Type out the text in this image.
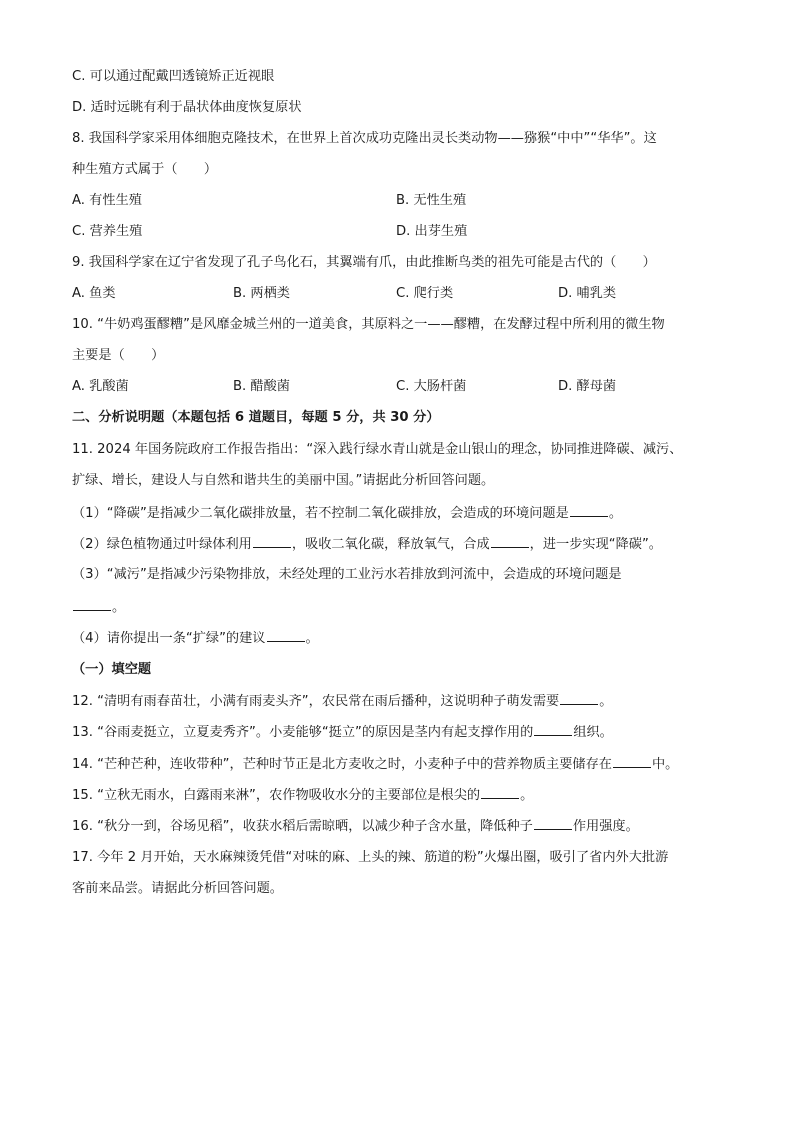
C. 可以通过配戴凹透镜矫正近视眼
D. 适时远眺有利于晶状体曲度恢复原状
8. 我国科学家采用体细胞克隆技术，在世界上首次成功克隆出灵长类动物——猕猴“中中”“华华”。这
种生殖方式属于（　　）
A. 有性生殖	B. 无性生殖
C. 营养生殖	D. 出芽生殖
9. 我国科学家在辽宁省发现了孔子鸟化石，其翼端有爪，由此推断鸟类的祖先可能是古代的（　　）
A. 鱼类	B. 两栖类	C. 爬行类	D. 哺乳类
10. “牛奶鸡蛋醪糟”是风靡金城兰州的一道美食，其原料之一——醪糟，在发酵过程中所利用的微生物
主要是（　　）
A. 乳酸菌	B. 醋酸菌	C. 大肠杆菌	D. 酵母菌
二、分析说明题（本题包括 6 道题目，每题 5 分，共 30 分）
11. 2024 年国务院政府工作报告指出：“深入践行绿水青山就是金山银山的理念，协同推进降碳、减污、
扩绿、增长，建设人与自然和谐共生的美丽中国。”请据此分析回答问题。
（1）“降碳”是指减少二氧化碳排放量，若不控制二氧化碳排放，会造成的环境问题是	。
（2）绿色植物通过叶绿体利用	，吸收二氧化碳，释放氧气，合成	，进一步实现“降碳”。
（3）“减污”是指减少污染物排放，未经处理的工业污水若排放到河流中，会造成的环境问题是
。
（4）请你提出一条“扩绿”的建议	。
（一）填空题
12. “清明有雨春苗壮，小满有雨麦头齐”，农民常在雨后播种，这说明种子萌发需要	。
13. “谷雨麦挺立，立夏麦秀齐”。小麦能够“挺立”的原因是茎内有起支撑作用的	组织。
14. “芒种芒种，连收带种”，芒种时节正是北方麦收之时，小麦种子中的营养物质主要储存在	中。
15. “立秋无雨水，白露雨来淋”，农作物吸收水分的主要部位是根尖的	。
16. “秋分一到，谷场见稻”，收获水稻后需晾晒，以减少种子含水量，降低种子	作用强度。
17. 今年 2 月开始，天水麻辣烫凭借“对味的麻、上头的辣、筋道的粉”火爆出圈，吸引了省内外大批游
客前来品尝。请据此分析回答问题。
